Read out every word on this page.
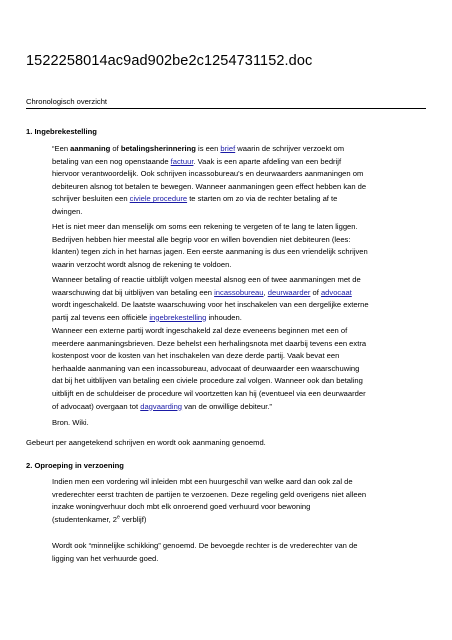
1522258014ac9ad902be2c1254731152.doc
Chronologisch overzicht
1. Ingebrekestelling
“Een aanmaning of betalingsherinnering is een brief waarin de schrijver verzoekt om
betaling van een nog openstaande factuur. Vaak is een aparte afdeling van een bedrijf
hiervoor verantwoordelijk. Ook schrijven incassobureau's en deurwaarders aanmaningen om
debiteuren alsnog tot betalen te bewegen. Wanneer aanmaningen geen effect hebben kan de
schrijver besluiten een civiele procedure te starten om zo via de rechter betaling af te
dwingen.
Het is niet meer dan menselijk om soms een rekening te vergeten of te lang te laten liggen.
Bedrijven hebben hier meestal alle begrip voor en willen bovendien niet debiteuren (lees:
klanten) tegen zich in het harnas jagen. Een eerste aanmaning is dus een vriendelijk schrijven
waarin verzocht wordt alsnog de rekening te voldoen.
Wanneer betaling of reactie uitblijft volgen meestal alsnog een of twee aanmaningen met de
waarschuwing dat bij uitblijven van betaling een incassobureau, deurwaarder of advocaat
wordt ingeschakeld. De laatste waarschuwing voor het inschakelen van een dergelijke externe
partij zal tevens een officiële ingebrekestelling inhouden.
Wanneer een externe partij wordt ingeschakeld zal deze eveneens beginnen met een of
meerdere aanmaningsbrieven. Deze behelst een herhalingsnota met daarbij tevens een extra
kostenpost voor de kosten van het inschakelen van deze derde partij. Vaak bevat een
herhaalde aanmaning van een incassobureau, advocaat of deurwaarder een waarschuwing
dat bij het uitblijven van betaling een civiele procedure zal volgen. Wanneer ook dan betaling
uitblijft en de schuldeiser de procedure wil voortzetten kan hij (eventueel via een deurwaarder
of advocaat) overgaan tot dagvaarding van de onwillige debiteur.”
Bron. Wiki.
Gebeurt per aangetekend schrijven en wordt ook aanmaning genoemd.
2. Oproeping in verzoening
Indien men een vordering wil inleiden mbt een huurgeschil van welke aard dan ook zal de
vrederechter eerst trachten de partijen te verzoenen. Deze regeling geld overigens niet alleen
inzake woningverhuur doch mbt elk onroerend goed verhuurd voor bewoning
(studentenkamer, 2e verblijf)
Wordt ook “minnelijke schikking” genoemd. De bevoegde rechter is de vrederechter van de
ligging van het verhuurde goed.
